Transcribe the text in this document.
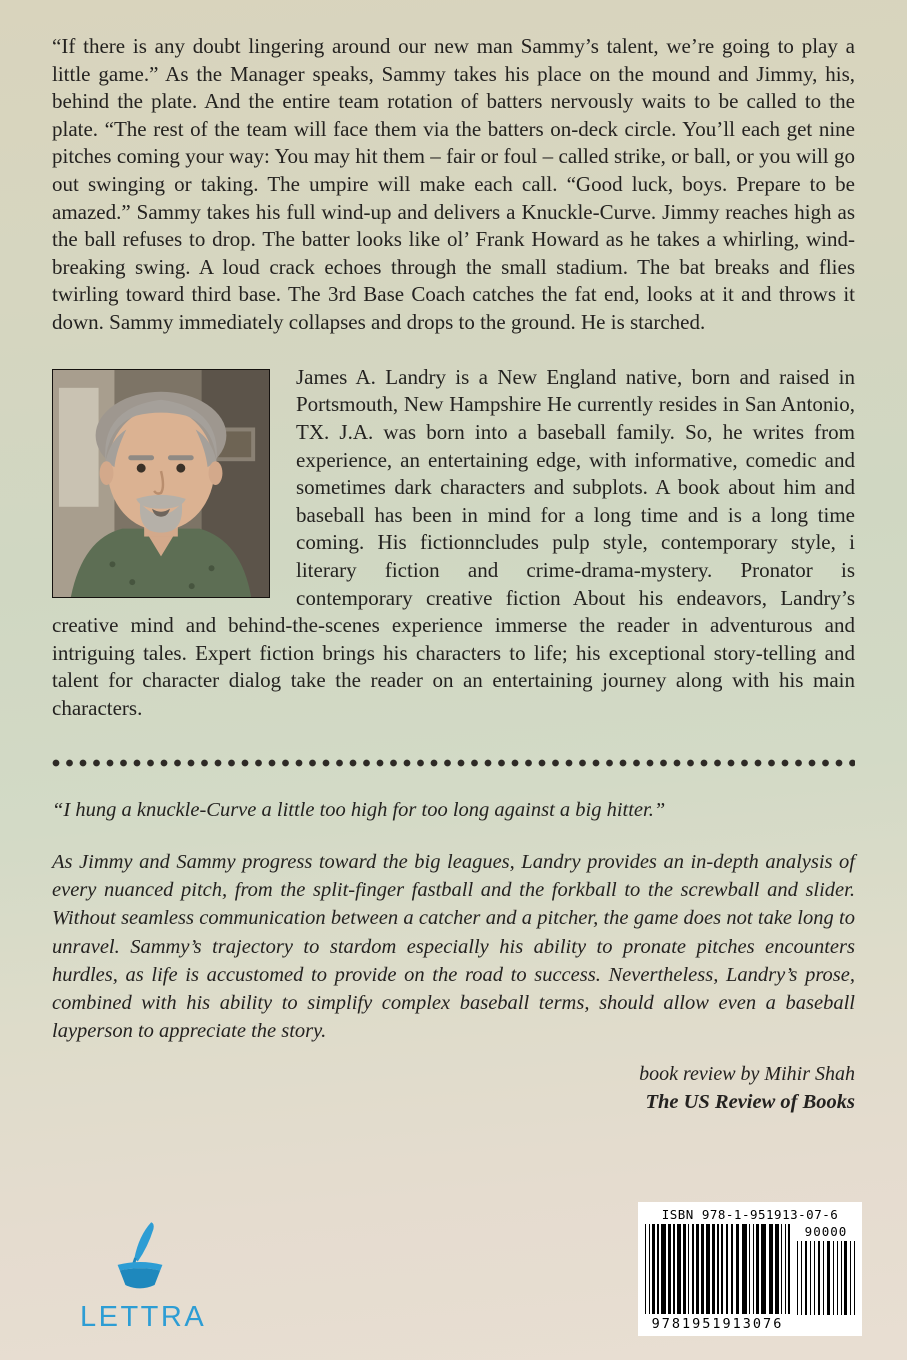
“If there is any doubt lingering around our new man Sammy’s talent, we’re going to play a little game.” As the Manager speaks, Sammy takes his place on the mound and Jimmy, his, behind the plate. And the entire team rotation of batters nervously waits to be called to the plate. “The rest of the team will face them via the batters on-deck circle. You’ll each get nine pitches coming your way: You may hit them – fair or foul – called strike, or ball, or you will go out swinging or taking. The umpire will make each call. “Good luck, boys. Prepare to be amazed.” Sammy takes his full wind-up and delivers a Knuckle-Curve. Jimmy reaches high as the ball refuses to drop. The batter looks like ol’ Frank Howard as he takes a whirling, wind-breaking swing. A loud crack echoes through the small stadium. The bat breaks and flies twirling toward third base. The 3rd Base Coach catches the fat end, looks at it and throws it down. Sammy immediately collapses and drops to the ground. He is starched.

James A. Landry is a New England native, born and raised in Portsmouth, New Hampshire He currently resides in San Antonio, TX. J.A. was born into a baseball family. So, he writes from experience, an entertaining edge, with informative, comedic and sometimes dark characters and subplots. A book about him and baseball has been in mind for a long time and is a long time coming. His fictionncludes pulp style, contemporary style, i literary fiction and crime-drama-mystery. Pronator is contemporary creative fiction About his endeavors, Landry’s creative mind and behind-the-scenes experience immerse the reader in adventurous and intriguing tales. Expert fiction brings his characters to life; his exceptional story-telling and talent for character dialog take the reader on an entertaining journey along with his main characters.

“I hung a knuckle-Curve a little too high for too long against a big hitter.”

As Jimmy and Sammy progress toward the big leagues, Landry provides an in-depth analysis of every nuanced pitch, from the split-finger fastball and the forkball to the screwball and slider. Without seamless communication between a catcher and a pitcher, the game does not take long to unravel. Sammy’s trajectory to stardom especially his ability to pronate pitches encounters hurdles, as life is accustomed to provide on the road to success. Nevertheless, Landry’s prose, combined with his ability to simplify complex baseball terms, should allow even a baseball layperson to appreciate the story.

book review by Mihir Shah
The US Review of Books
LETTRA
ISBN 978-1-951913-07-6
9781951913076
90000
